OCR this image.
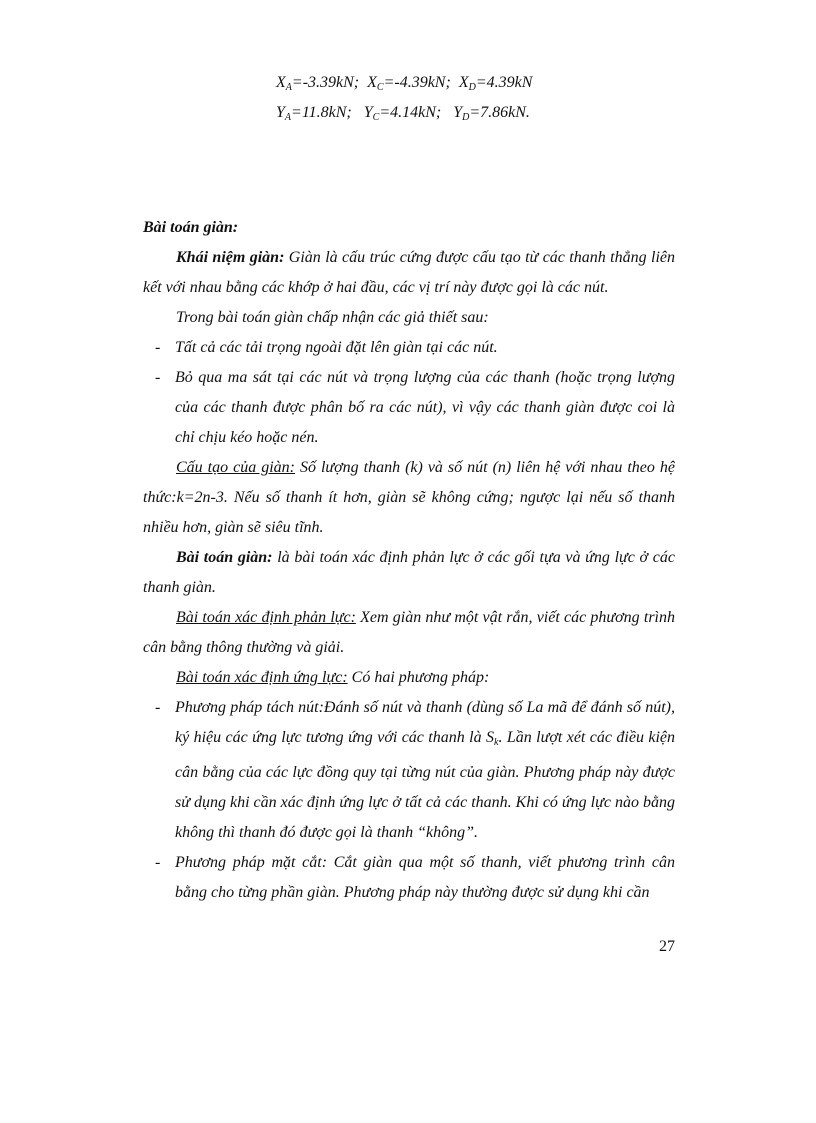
$X_A=-3.39kN$; $X_C=-4.39kN$; $X_D=4.39kN$
$Y_A=11.8kN$; $Y_C=4.14kN$; $Y_D=7.86kN$.

Bài toán giàn:

Khái niệm giàn: Giàn là cấu trúc cứng được cấu tạo từ các thanh thẳng liên kết với nhau bằng các khớp ở hai đầu, các vị trí này được gọi là các nút.

Trong bài toán giàn chấp nhận các giả thiết sau:

- Tất cả các tải trọng ngoài đặt lên giàn tại các nút.

- Bỏ qua ma sát tại các nút và trọng lượng của các thanh (hoặc trọng lượng của các thanh được phân bố ra các nút), vì vậy các thanh giàn được coi là chỉ chịu kéo hoặc nén.

Cấu tạo của giàn: Số lượng thanh (k) và số nút (n) liên hệ với nhau theo hệ thức:k=2n-3. Nếu số thanh ít hơn, giàn sẽ không cứng; ngược lại nếu số thanh nhiều hơn, giàn sẽ siêu tĩnh.

Bài toán giàn: là bài toán xác định phản lực ở các gối tựa và ứng lực ở các thanh giàn.

Bài toán xác định phản lực: Xem giàn như một vật rắn, viết các phương trình cân bằng thông thường và giải.

Bài toán xác định ứng lực: Có hai phương pháp:

- Phương pháp tách nút:Đánh số nút và thanh (dùng số La mã để đánh số nút), ký hiệu các ứng lực tương ứng với các thanh là $S_k$. Lần lượt xét các điều kiện cân bằng của các lực đồng quy tại từng nút của giàn. Phương pháp này được sử dụng khi cần xác định ứng lực ở tất cả các thanh. Khi có ứng lực nào bằng không thì thanh đó được gọi là thanh “không”.

- Phương pháp mặt cắt: Cắt giàn qua một số thanh, viết phương trình cân bằng cho từng phần giàn. Phương pháp này thường được sử dụng khi cần

27
